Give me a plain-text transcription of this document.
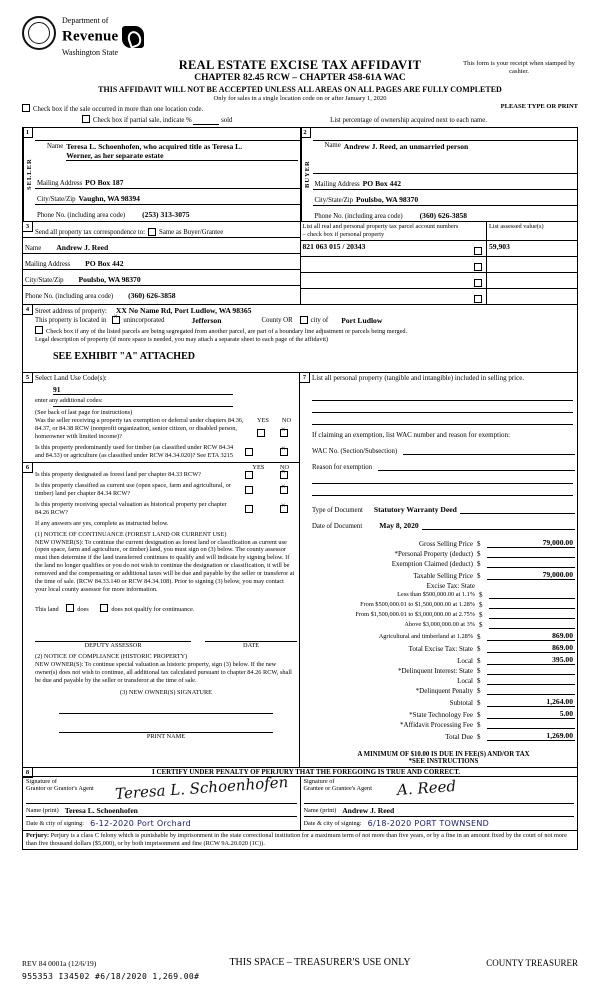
Department of
Revenue
Washington State
REAL ESTATE EXCISE TAX AFFIDAVIT
CHAPTER 82.45 RCW – CHAPTER 458-61A WAC
THIS AFFIDAVIT WILL NOT BE ACCEPTED UNLESS ALL AREAS ON ALL PAGES ARE FULLY COMPLETED
Only for sales in a single location code on or after January 1, 2020
This form is your receipt when stamped by cashier.
PLEASE TYPE OR PRINT
Check box if the sale occurred in more than one location code.
Check box if partial sale, indicate %	sold	List percentage of ownership acquired next to each name.
1
SELLER
Name Teresa L. Schoenhofen, who acquired title as Teresa L.
Werner, as her separate estate
Mailing Address PO Box 187
City/State/Zip Vaughn, WA 98394
Phone No. (including area code) (253) 313-3075
2
BUYER
Name Andrew J. Reed, an unmarried person
Mailing Address PO Box 442
City/State/Zip Poulsbo, WA 98370
Phone No. (including area code) (360) 626-3858
3
Send all property tax correspondence to: Same as Buyer/Grantee
Name Andrew J. Reed
Mailing Address PO Box 442
City/State/Zip Poulsbo, WA 98370
Phone No. (including area code) (360) 626-3858
List all real and personal property tax parcel account numbers
– check box if personal property
List assessed value(s)
821 063 015 / 20343	59,903
4 Street address of property: XX No Name Rd, Port Ludlow, WA 98365
This property is located in ×	unincorporated	Jefferson	County OR	city of Port Ludlow
Check box if any of the listed parcels are being segregated from another parcel, are part of a boundary line adjustment or parcels being merged.
Legal description of property (if more space is needed, you may attach a separate sheet to each page of the affidavit)
SEE EXHIBIT "A" ATTACHED
5 Select Land Use Code(s):
91
enter any additional codes:
(See back of last page for instructions)
Was the seller receiving a property tax exemption or deferral under chapters 84.36, 84.37, or 84.38 RCW (nonprofit organization, senior citizen, or disabled person, homeowner with limited income)?
YES NO
×
Is this property predominantly used for timber (as classified under RCW 84.34 and 84.33) or agriculture (as classified under RCW 84.34.020)? See ETA 3215
×
6	YES NO
Is this property designated as forest land per chapter 84.33 RCW?
×
Is this property classified as current use (open space, farm and agricultural, or timber) land per chapter 84.34 RCW?
×
Is this property receiving special valuation as historical property per chapter 84.26 RCW?
×
If any answers are yes, complete as instructed below.
(1) NOTICE OF CONTINUANCE (FOREST LAND OR CURRENT USE)
NEW OWNER(S): To continue the current designation as forest land or classification as current use (open space, farm and agriculture, or timber) land, you must sign on (3) below. The county assessor must then determine if the land transferred continues to qualify and will indicate by signing below. If the land no longer qualifies or you do not wish to continue the designation or classification, it will be removed and the compensating or additional taxes will be due and payable by the seller or transferor at the time of sale. (RCW 84.33.140 or RCW 84.34.108). Prior to signing (3) below, you may contact your local county assessor for more information.
This land	does	does not qualify for continuance.
DEPUTY ASSESSOR	DATE
(2) NOTICE OF COMPLIANCE (HISTORIC PROPERTY)
NEW OWNER(S): To continue special valuation as historic property, sign (3) below. If the new owner(s) does not wish to continue, all additional tax calculated pursuant to chapter 84.26 RCW, shall be due and payable by the seller or transferor at the time of sale.
(3) NEW OWNER(S) SIGNATURE
PRINT NAME
7 List all personal property (tangible and intangible) included in selling price.
If claiming an exemption, list WAC number and reason for exemption:
WAC No. (Section/Subsection)
Reason for exemption
Type of Document Statutory Warranty Deed
Date of Document May 8, 2020
Gross Selling Price $	79,000.00
*Personal Property (deduct) $
Exemption Claimed (deduct) $
Taxable Selling Price $	79,000.00
Excise Tax: State
Less than $500,000.00 at 1.1% $
From $500,000.01 to $1,500,000.00 at 1.28% $
From $1,500,000.01 to $3,000,000.00 at 2.75% $
Above $3,000,000.00 at 3% $
Agricultural and timberland at 1.28% $	869.00
Total Excise Tax: State $	869.00
Local $	395.00
*Delinquent Interest: State $
Local $
*Delinquent Penalty $
Subtotal $	1,264.00
*State Technology Fee $	5.00
*Affidavit Processing Fee $
Total Due $	1,269.00
A MINIMUM OF $10.00 IS DUE IN FEE(S) AND/OR TAX
*SEE INSTRUCTIONS
8	I CERTIFY UNDER PENALTY OF PERJURY THAT THE FOREGOING IS TRUE AND CORRECT.
Signature of
Grantor or Grantor's Agent	Teresa L. Schoenhofen
Name (print) Teresa L. Schoenhofen
Date & city of signing: 6-12-2020 Port Orchard
Signature of
Grantee or Grantee's Agent	A. Reed
Name (print) Andrew J. Reed
Date & city of signing: 6/18-2020 PORT TOWNSEND
Perjury: Perjury is a class C felony which is punishable by imprisonment in the state correctional institution for a maximum term of not more than five years, or by a fine in an amount fixed by the court of not more than five thousand dollars ($5,000), or by both imprisonment and fine (RCW 9A.20.020 (1C)).
REV 84 0001a (12/6/19)	THIS SPACE – TREASURER'S USE ONLY	COUNTY TREASURER
955353 I34502 #6/18/2020 1,269.00#
